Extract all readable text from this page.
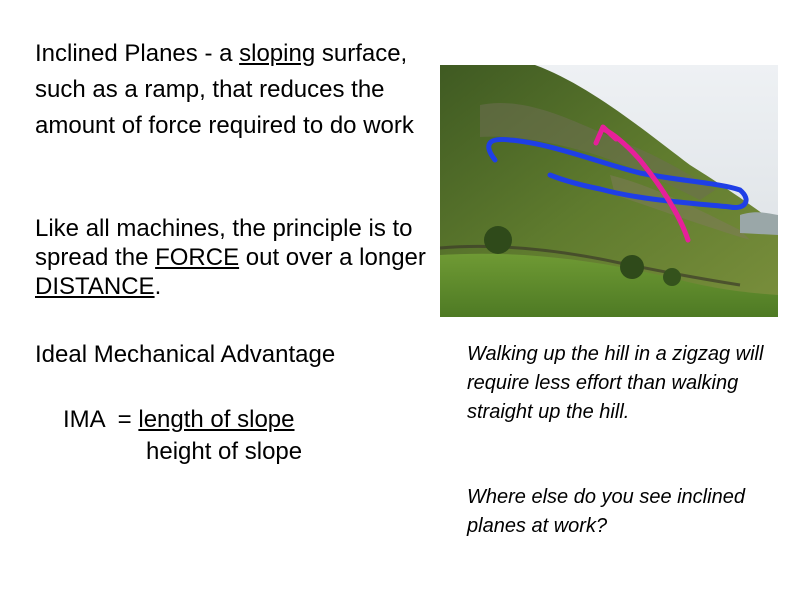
Inclined Planes - a sloping surface, such as a ramp, that reduces the amount of force required to do work
Like all machines, the principle is to spread the FORCE out over a longer DISTANCE.
Ideal Mechanical Advantage
IMA  = length of slope
height of slope
Walking up the hill in a zigzag will require less effort than walking straight up the hill.
Where else do you see inclined planes at work?
